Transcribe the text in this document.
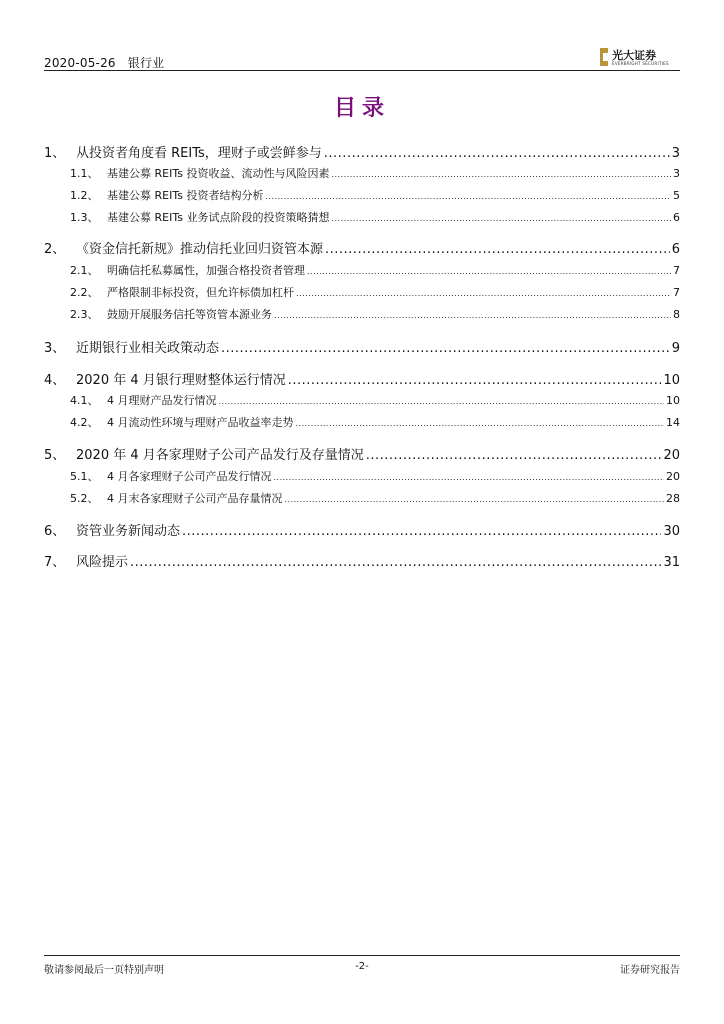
2020-05-26 银行业
光大证券
EVERBRIGHT SECURITIES
目录
1、 从投资者角度看 REITs，理财子或尝鲜参与 .....	3
1.1、 基建公募 REITs 投资收益、流动性与风险因素 .....	3
1.2、 基建公募 REITs 投资者结构分析 .....	5
1.3、 基建公募 REITs 业务试点阶段的投资策略猜想 .....	6
2、 《资金信托新规》推动信托业回归资管本源 .....	6
2.1、 明确信托私募属性，加强合格投资者管理 .....	7
2.2、 严格限制非标投资，但允许标债加杠杆 .....	7
2.3、 鼓励开展服务信托等资管本源业务 .....	8
3、 近期银行业相关政策动态 .....	9
4、 2020 年 4 月银行理财整体运行情况 .....	10
4.1、 4 月理财产品发行情况 .....	10
4.2、 4 月流动性环境与理财产品收益率走势 .....	14
5、 2020 年 4 月各家理财子公司产品发行及存量情况 .....	20
5.1、 4 月各家理财子公司产品发行情况 .....	20
5.2、 4 月末各家理财子公司产品存量情况 .....	28
6、 资管业务新闻动态 .....	30
7、 风险提示 .....	31
敬请参阅最后一页特别声明	-2-	证券研究报告
